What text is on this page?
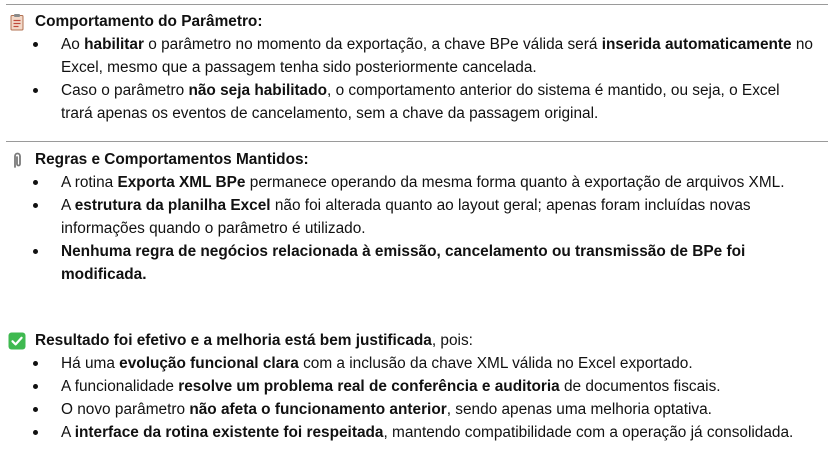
Comportamento do Parâmetro:
Ao habilitar o parâmetro no momento da exportação, a chave BPe válida será inserida automaticamente no Excel, mesmo que a passagem tenha sido posteriormente cancelada.
Caso o parâmetro não seja habilitado, o comportamento anterior do sistema é mantido, ou seja, o Excel trará apenas os eventos de cancelamento, sem a chave da passagem original.
Regras e Comportamentos Mantidos:
A rotina Exporta XML BPe permanece operando da mesma forma quanto à exportação de arquivos XML.
A estrutura da planilha Excel não foi alterada quanto ao layout geral; apenas foram incluídas novas informações quando o parâmetro é utilizado.
Nenhuma regra de negócios relacionada à emissão, cancelamento ou transmissão de BPe foi modificada.
Resultado foi efetivo e a melhoria está bem justificada, pois:
Há uma evolução funcional clara com a inclusão da chave XML válida no Excel exportado.
A funcionalidade resolve um problema real de conferência e auditoria de documentos fiscais.
O novo parâmetro não afeta o funcionamento anterior, sendo apenas uma melhoria optativa.
A interface da rotina existente foi respeitada, mantendo compatibilidade com a operação já consolidada.
